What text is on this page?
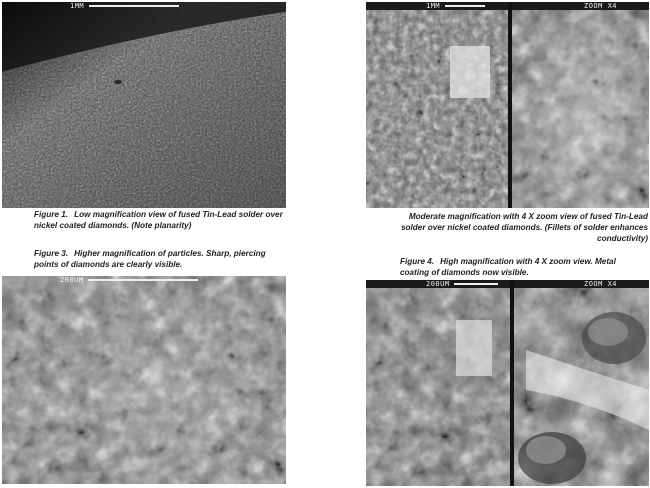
1MM	1MM	ZOOM X4
200UM	200UM	ZOOM X4
Figure 1. Low magnification view of fused Tin-Lead solder over nickel coated diamonds. (Note planarity)
Moderate magnification with 4 X zoom view of fused Tin-Lead solder over nickel coated diamonds. (Fillets of solder enhances conductivity)
Figure 3. Higher magnification of particles. Sharp, piercing points of diamonds are clearly visible.	Figure 4. High magnification with 4 X zoom view. Metal coating of diamonds now visible.
